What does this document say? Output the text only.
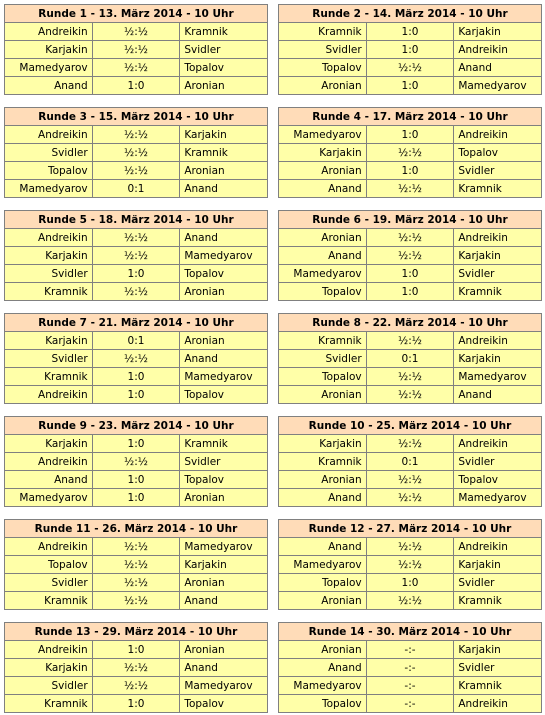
Runde 1 - 13. März 2014 - 10 Uhr		
Andreikin	½:½	Kramnik
Karjakin	½:½	Svidler
Mamedyarov	½:½	Topalov
Anand	1:0	Aronian
Runde 2 - 14. März 2014 - 10 Uhr		
Kramnik	1:0	Karjakin
Svidler	1:0	Andreikin
Topalov	½:½	Anand
Aronian	1:0	Mamedyarov
Runde 3 - 15. März 2014 - 10 Uhr		
Andreikin	½:½	Karjakin
Svidler	½:½	Kramnik
Topalov	½:½	Aronian
Mamedyarov	0:1	Anand
Runde 4 - 17. März 2014 - 10 Uhr		
Mamedyarov	1:0	Andreikin
Karjakin	½:½	Topalov
Aronian	1:0	Svidler
Anand	½:½	Kramnik
Runde 5 - 18. März 2014 - 10 Uhr		
Andreikin	½:½	Anand
Karjakin	½:½	Mamedyarov
Svidler	1:0	Topalov
Kramnik	½:½	Aronian
Runde 6 - 19. März 2014 - 10 Uhr		
Aronian	½:½	Andreikin
Anand	½:½	Karjakin
Mamedyarov	1:0	Svidler
Topalov	1:0	Kramnik
Runde 7 - 21. März 2014 - 10 Uhr		
Karjakin	0:1	Aronian
Svidler	½:½	Anand
Kramnik	1:0	Mamedyarov
Andreikin	1:0	Topalov
Runde 8 - 22. März 2014 - 10 Uhr		
Kramnik	½:½	Andreikin
Svidler	0:1	Karjakin
Topalov	½:½	Mamedyarov
Aronian	½:½	Anand
Runde 9 - 23. März 2014 - 10 Uhr		
Karjakin	1:0	Kramnik
Andreikin	½:½	Svidler
Anand	1:0	Topalov
Mamedyarov	1:0	Aronian
Runde 10 - 25. März 2014 - 10 Uhr		
Karjakin	½:½	Andreikin
Kramnik	0:1	Svidler
Aronian	½:½	Topalov
Anand	½:½	Mamedyarov
Runde 11 - 26. März 2014 - 10 Uhr		
Andreikin	½:½	Mamedyarov
Topalov	½:½	Karjakin
Svidler	½:½	Aronian
Kramnik	½:½	Anand
Runde 12 - 27. März 2014 - 10 Uhr		
Anand	½:½	Andreikin
Mamedyarov	½:½	Karjakin
Topalov	1:0	Svidler
Aronian	½:½	Kramnik
Runde 13 - 29. März 2014 - 10 Uhr		
Andreikin	1:0	Aronian
Karjakin	½:½	Anand
Svidler	½:½	Mamedyarov
Kramnik	1:0	Topalov
Runde 14 - 30. März 2014 - 10 Uhr		
Aronian	-:-	Karjakin
Anand	-:-	Svidler
Mamedyarov	-:-	Kramnik
Topalov	-:-	Andreikin
